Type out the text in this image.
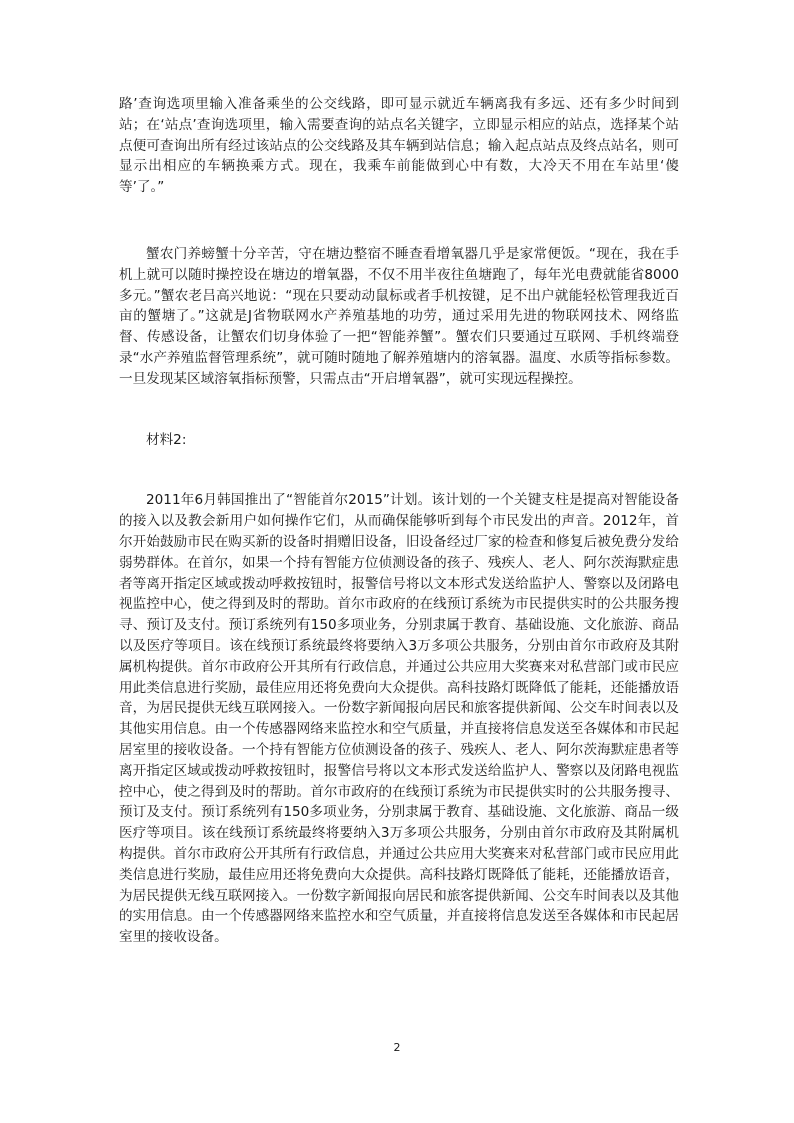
路’查询选项里输入准备乘坐的公交线路，即可显示就近车辆离我有多远、还有多少时间到站；在‘站点’查询选项里，输入需要查询的站点名关键字，立即显示相应的站点，选择某个站点便可查询出所有经过该站点的公交线路及其车辆到站信息；输入起点站点及终点站名，则可显示出相应的车辆换乘方式。现在，我乘车前能做到心中有数，大冷天不用在车站里‘傻等’了。”

蟹农门养螃蟹十分辛苦，守在塘边整宿不睡查看增氧器几乎是家常便饭。“现在，我在手机上就可以随时操控设在塘边的增氧器，不仅不用半夜往鱼塘跑了，每年光电费就能省8000多元。”蟹农老吕高兴地说：“现在只要动动鼠标或者手机按键，足不出户就能轻松管理我近百亩的蟹塘了。”这就是J省物联网水产养殖基地的功劳，通过采用先进的物联网技术、网络监督、传感设备，让蟹农们切身体验了一把“智能养蟹”。蟹农们只要通过互联网、手机终端登录“水产养殖监督管理系统”，就可随时随地了解养殖塘内的溶氧器。温度、水质等指标参数。一旦发现某区域溶氧指标预警，只需点击“开启增氧器”，就可实现远程操控。

材料2:

2011年6月韩国推出了“智能首尔2015”计划。该计划的一个关键支柱是提高对智能设备的接入以及教会新用户如何操作它们，从而确保能够听到每个市民发出的声音。2012年，首尔开始鼓励市民在购买新的设备时捐赠旧设备，旧设备经过厂家的检查和修复后被免费分发给弱势群体。在首尔，如果一个持有智能方位侦测设备的孩子、残疾人、老人、阿尔茨海默症患者等离开指定区域或拨动呼救按钮时，报警信号将以文本形式发送给监护人、警察以及闭路电视监控中心，使之得到及时的帮助。首尔市政府的在线预订系统为市民提供实时的公共服务搜寻、预订及支付。预订系统列有150多项业务，分别隶属于教育、基础设施、文化旅游、商品以及医疗等项目。该在线预订系统最终将要纳入3万多项公共服务，分别由首尔市政府及其附属机构提供。首尔市政府公开其所有行政信息，并通过公共应用大奖赛来对私营部门或市民应用此类信息进行奖励，最佳应用还将免费向大众提供。高科技路灯既降低了能耗，还能播放语音，为居民提供无线互联网接入。一份数字新闻报向居民和旅客提供新闻、公交车时间表以及其他实用信息。由一个传感器网络来监控水和空气质量，并直接将信息发送至各媒体和市民起居室里的接收设备。一个持有智能方位侦测设备的孩子、残疾人、老人、阿尔茨海默症患者等离开指定区域或拨动呼救按钮时，报警信号将以文本形式发送给监护人、警察以及闭路电视监控中心，使之得到及时的帮助。首尔市政府的在线预订系统为市民提供实时的公共服务搜寻、预订及支付。预订系统列有150多项业务，分别隶属于教育、基础设施、文化旅游、商品一级医疗等项目。该在线预订系统最终将要纳入3万多项公共服务，分别由首尔市政府及其附属机构提供。首尔市政府公开其所有行政信息，并通过公共应用大奖赛来对私营部门或市民应用此类信息进行奖励，最佳应用还将免费向大众提供。高科技路灯既降低了能耗，还能播放语音，为居民提供无线互联网接入。一份数字新闻报向居民和旅客提供新闻、公交车时间表以及其他的实用信息。由一个传感器网络来监控水和空气质量，并直接将信息发送至各媒体和市民起居室里的接收设备。

2
